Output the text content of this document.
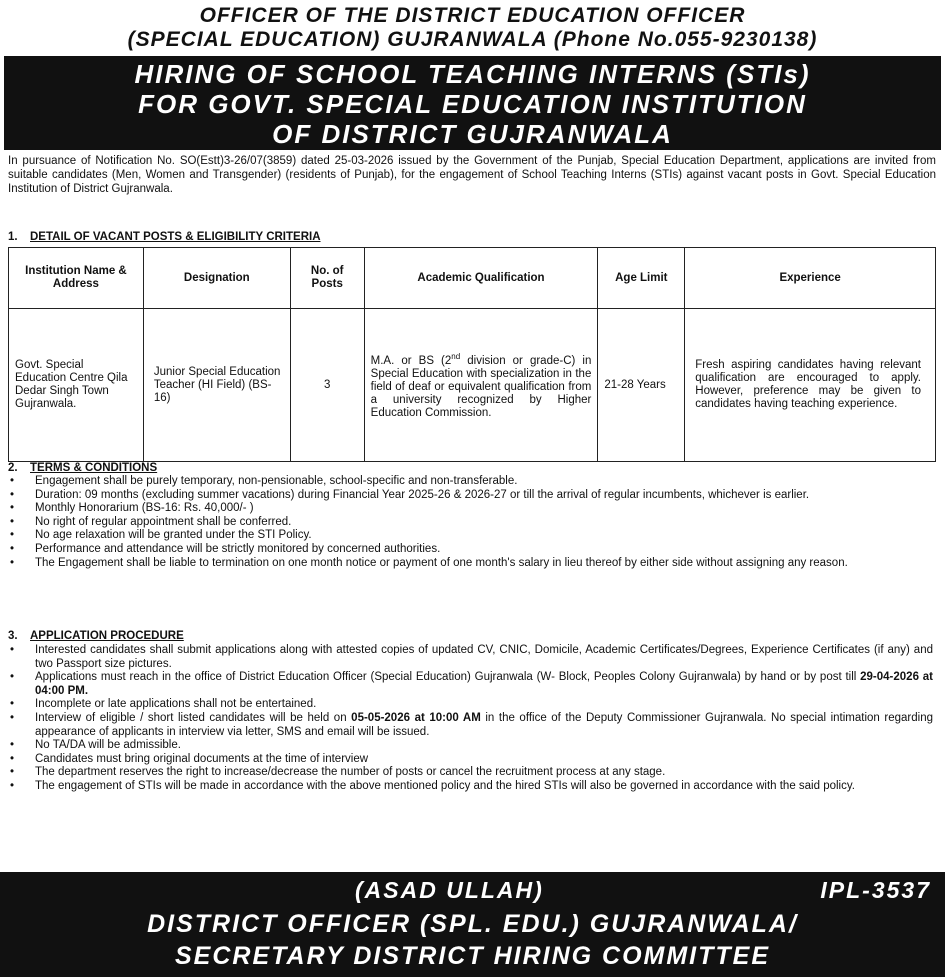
OFFICER OF THE DISTRICT EDUCATION OFFICER
(SPECIAL EDUCATION) GUJRANWALA (Phone No.055-9230138)
HIRING OF SCHOOL TEACHING INTERNS (STIs)
FOR GOVT. SPECIAL EDUCATION INSTITUTION
OF DISTRICT GUJRANWALA
In pursuance of Notification No. SO(Estt)3-26/07(3859) dated 25-03-2026 issued by the Government of the Punjab, Special Education Department, applications are invited from suitable candidates (Men, Women and Transgender) (residents of Punjab), for the engagement of School Teaching Interns (STIs) against vacant posts in Govt. Special Education Institution of District Gujranwala.
1. DETAIL OF VACANT POSTS & ELIGIBILITY CRITERIA
Institution Name & Address	Designation	No. of Posts	Academic Qualification	Age Limit	Experience
Govt. Special Education Centre Qila Dedar Singh Town Gujranwala.	Junior Special Education Teacher (HI Field) (BS-16)	3	M.A. or BS (2nd division or grade-C) in Special Education with specialization in the field of deaf or equivalent qualification from a university recognized by Higher Education Commission.	21-28 Years	Fresh aspiring candidates having relevant qualification are encouraged to apply. However, preference may be given to candidates having teaching experience.
2. TERMS & CONDITIONS
• Engagement shall be purely temporary, non-pensionable, school-specific and non-transferable.
• Duration: 09 months (excluding summer vacations) during Financial Year 2025-26 & 2026-27 or till the arrival of regular incumbents, whichever is earlier.
• Monthly Honorarium (BS-16: Rs. 40,000/- )
• No right of regular appointment shall be conferred.
• No age relaxation will be granted under the STI Policy.
• Performance and attendance will be strictly monitored by concerned authorities.
• The Engagement shall be liable to termination on one month notice or payment of one month's salary in lieu thereof by either side without assigning any reason.
3. APPLICATION PROCEDURE
• Interested candidates shall submit applications along with attested copies of updated CV, CNIC, Domicile, Academic Certificates/Degrees, Experience Certificates (if any) and two Passport size pictures.
• Applications must reach in the office of District Education Officer (Special Education) Gujranwala (W- Block, Peoples Colony Gujranwala) by hand or by post till 29-04-2026 at 04:00 PM.
• Incomplete or late applications shall not be entertained.
• Interview of eligible / short listed candidates will be held on 05-05-2026 at 10:00 AM in the office of the Deputy Commissioner Gujranwala. No special intimation regarding appearance of applicants in interview via letter, SMS and email will be issued.
• No TA/DA will be admissible.
• Candidates must bring original documents at the time of interview
• The department reserves the right to increase/decrease the number of posts or cancel the recruitment process at any stage.
• The engagement of STIs will be made in accordance with the above mentioned policy and the hired STIs will also be governed in accordance with the said policy.
(ASAD ULLAH)	IPL-3537
DISTRICT OFFICER (SPL. EDU.) GUJRANWALA/
SECRETARY DISTRICT HIRING COMMITTEE
